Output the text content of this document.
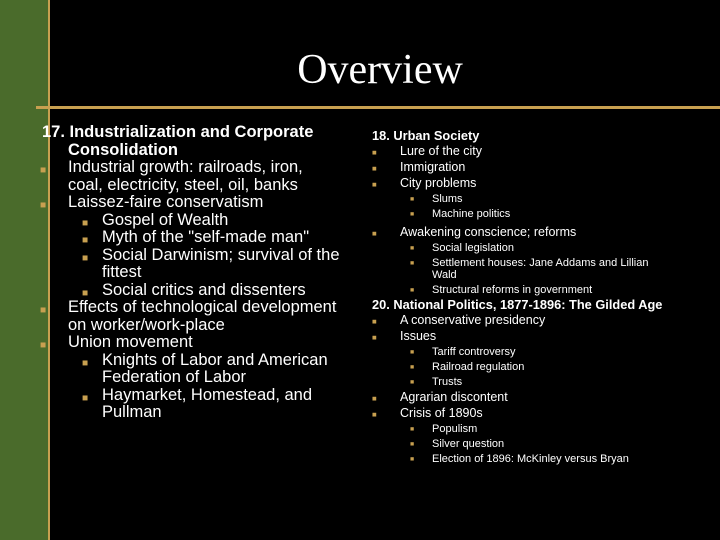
Overview
17. Industrialization and Corporate Consolidation
■
Industrial growth: railroads, iron, coal, electricity, steel, oil, banks
■
Laissez-faire conservatism
■
Gospel of Wealth
■
Myth of the "self-made man"
■
Social Darwinism; survival of the fittest
■
Social critics and dissenters
■
Effects of technological development on worker/work-place
■
Union movement
■
Knights of Labor and American Federation of Labor
■
Haymarket, Homestead, and Pullman
18. Urban Society
■
Lure of the city
■
Immigration
■
City problems
■
Slums
■
Machine politics
■
Awakening conscience; reforms
■
Social legislation
■
Settlement houses: Jane Addams and Lillian Wald
■
Structural reforms in government
20. National Politics, 1877-1896: The Gilded Age
■
A conservative presidency
■
Issues
■
Tariff controversy
■
Railroad regulation
■
Trusts
■
Agrarian discontent
■
Crisis of 1890s
■
Populism
■
Silver question
■
Election of 1896: McKinley versus Bryan
